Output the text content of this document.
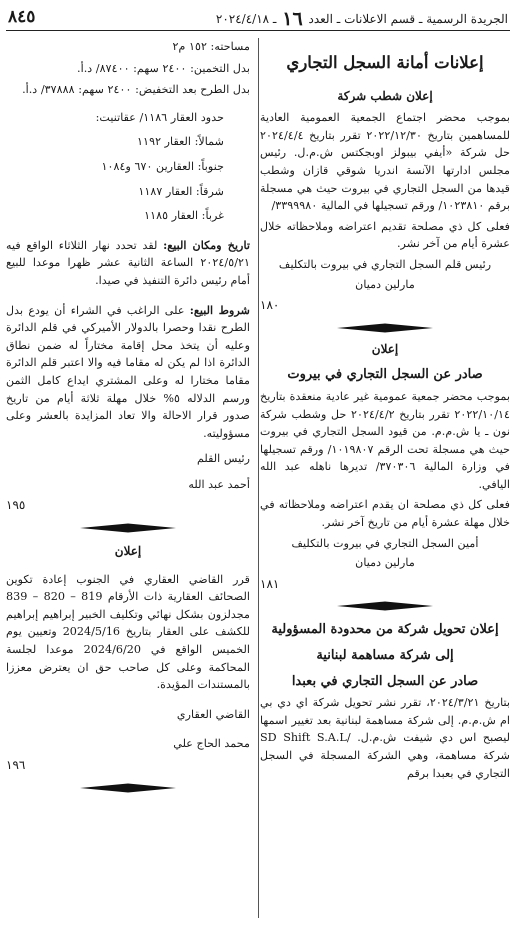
الجريدة الرسمية ـ قسم الاعلانات ـ العدد ١٦ ـ ٢٠٢٤/٤/١٨
٨٤٥
إعلانات أمانة السجل التجاري
إعلان شطب شركة

بموجب محضر اجتماع الجمعية العمومية العادية للمساهمين بتاريخ ٢٠٢٢/١٢/٣٠ تقرر بتاريخ ٢٠٢٤/٤/٤ حل شركة «أيفي بيبولز اوبجكتس ش.م.ل. رئيس مجلس ادارتها الآنسة اندريا شوقي قازان وشطب قيدها من السجل التجاري في بيروت حيث هي مسجلة برقم ١٠٢٣٨١٠/ ورقم تسجيلها في المالية ٣٣٩٩٩٨٠/

فعلى كل ذي مصلحة تقديم اعتراضه وملاحظاته خلال عشرة أيام من آخر نشر.

رئيس قلم السجل التجاري في بيروت بالتكليف

مارلين دميان

١٨٠
إعلان
صادر عن السجل التجاري في بيروت

بموجب محضر جمعية عمومية غير عادية منعقدة بتاريخ ٢٠٢٢/١٠/١٤ تقرر بتاريخ ٢٠٢٤/٤/٢ حل وشطب شركة نون ـ يا ش.م.م. من قيود السجل التجاري في بيروت حيث هي مسجلة تحت الرقم ١٠١٩٨٠٧/ ورقم تسجيلها في وزارة المالية ٣٧٠٣٠٦/ تديرها ناهله عبد الله اليافي.

فعلى كل ذي مصلحة ان يقدم اعتراضه وملاحظاته في خلال مهلة عشرة أيام من تاريخ آخر نشر.

أمين السجل التجاري في بيروت بالتكليف

مارلين دميان

١٨١
إعلان تحويل شركة من محدودة المسؤولية
إلى شركة مساهمة لبنانية
صادر عن السجل التجاري في بعبدا

بتاريخ ٢٠٢٤/٣/٢١، تقرر نشر تحويل شركة اي دي بي ام ش.م.م. إلى شركة مساهمة لبنانية بعد تغيير اسمها ليصبح اس دي شيفت ش.م.ل. /SD Shift S.A.L شركة مساهمة، وهي الشركة المسجلة في السجل التجاري في بعبدا برقم

مساحته: ١٥٢ م٢

بدل التخمين: ٢٤٠٠ سهم: ٨٧٤٠٠/ د.أ.

بدل الطرح بعد التخفيض: ٢٤٠٠ سهم: ٣٧٨٨٨/ د.أ.

حدود العقار ١١٨٦/ عقاتنيت:

شمالاً: العقار ١١٩٢

جنوباً: العقارين ٦٧٠ و١٠٨٤

شرقاً: العقار ١١٨٧

غرباً: العقار ١١٨٥

تاريخ ومكان البيع: لقد تحدد نهار الثلاثاء الواقع فيه ٢٠٢٤/٥/٢١ الساعة الثانية عشر ظهرا موعدا للبيع أمام رئيس دائرة التنفيذ في صيدا.

شروط البيع: على الراغب في الشراء أن يودع بدل الطرح نقدا وحصرا بالدولار الأميركي في قلم الدائرة وعليه أن يتخذ محل إقامة مختاراً له ضمن نطاق الدائرة اذا لم يكن له مقاما فيه والا اعتبر قلم الدائرة مقاما مختارا له وعلى المشتري ايداع كامل الثمن ورسم الدلاله ٥% خلال مهلة ثلاثة أيام من تاريخ صدور قرار الاحالة والا تعاد المزايدة بالعشر وعلى مسؤوليته.

رئيس القلم

أحمد عبد الله

١٩٥
إعلان

قرر القاضي العقاري في الجنوب إعادة تكوين الصحائف العقارية ذات الأرقام 819 – 820 – 839 مجدلزون بشكل نهائي وتكليف الخبير إبراهيم إبراهيم للكشف على العقار بتاريخ 2024/5/16 وتعيين يوم الخميس الواقع في 2024/6/20 موعدا لجلسة المحاكمة وعلى كل صاحب حق ان يعترض معززا بالمستندات المؤيدة.

القاضي العقاري

محمد الحاج علي

١٩٦
